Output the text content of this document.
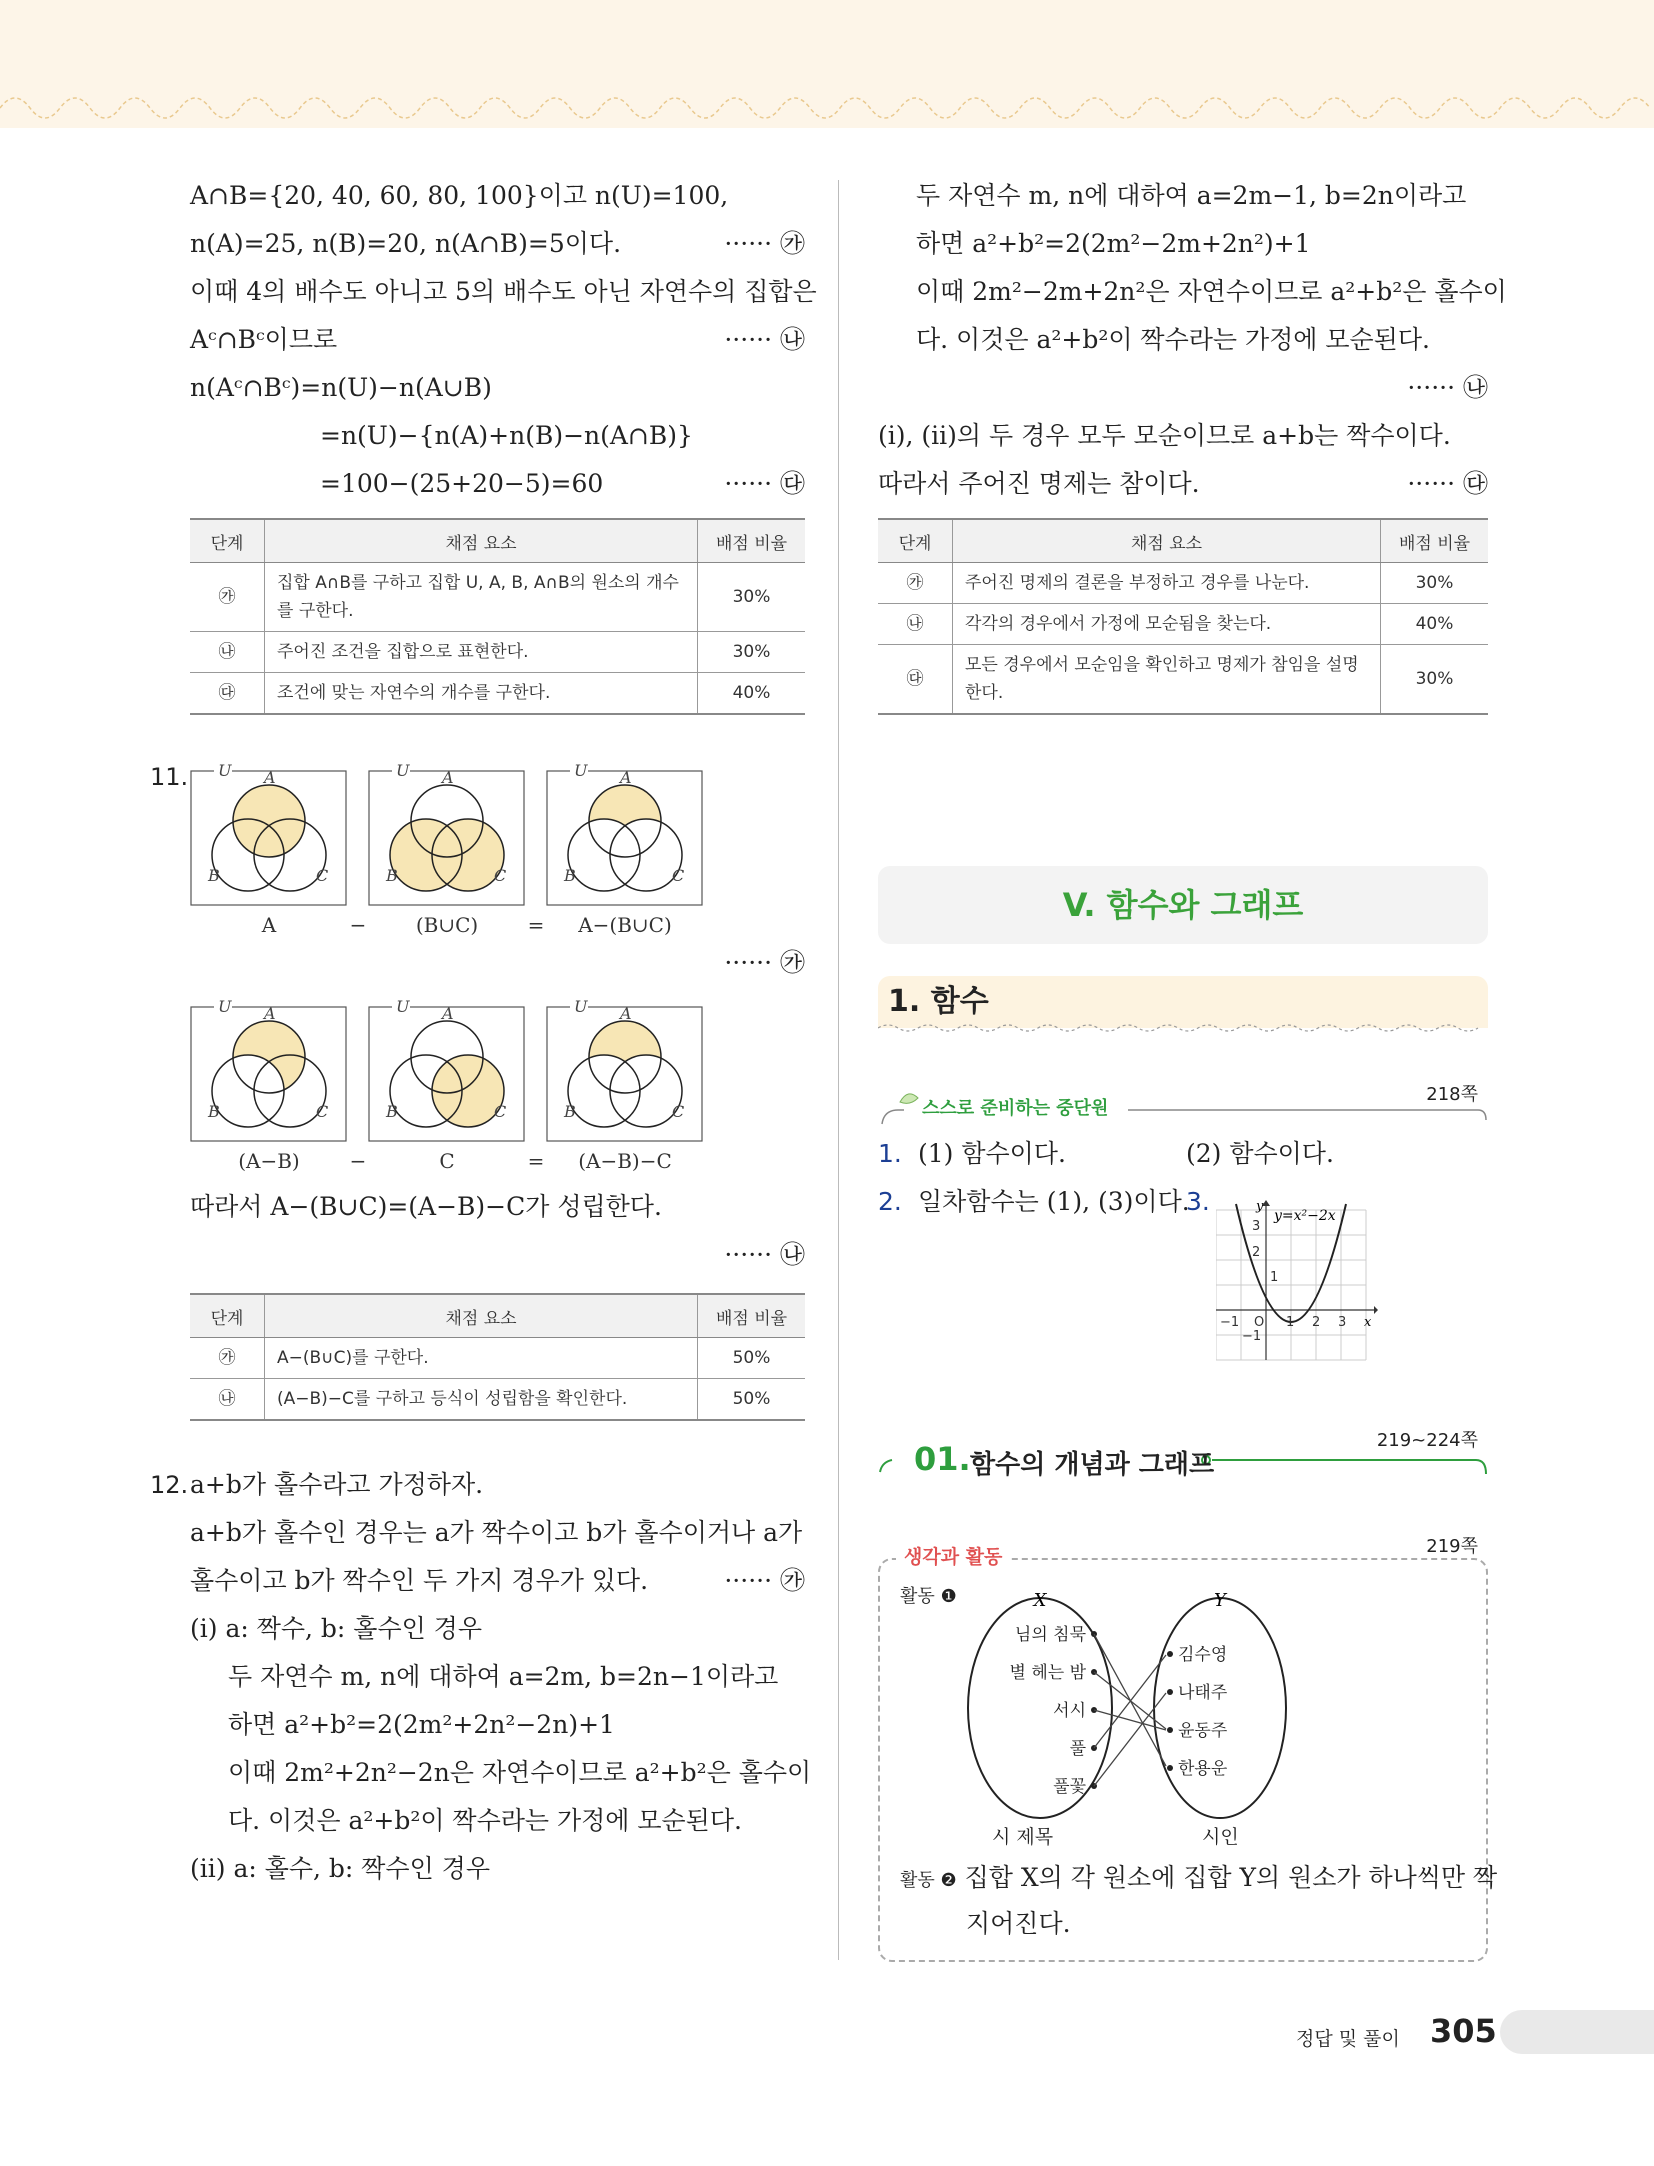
A∩B={20, 40, 60, 80, 100}이고 n(U)=100,
n(A)=25, n(B)=20, n(A∩B)=5이다.	······ ㉮
이때 4의 배수도 아니고 5의 배수도 아닌 자연수의 집합은
Aᶜ∩Bᶜ이므로	······ ㉯
n(Aᶜ∩Bᶜ)=n(U)−n(A∪B)
=n(U)−{n(A)+n(B)−n(A∩B)}
=100−(25+20−5)=60	······ ㉰
단계	채점 요소	배점 비율
㉮	집합 A∩B를 구하고 집합 U, A, B, A∩B의 원소의 개수를 구한다.	30%
㉯	주어진 조건을 집합으로 표현한다.	30%
㉰	조건에 맞는 자연수의 개수를 구한다.	40%
11. U A
B	C
U A
B	C
U A
B	C
A	−	(B∪C)	=	A−(B∪C)
······ ㉮
U A
B	C
U A
B	C
U A
B	C
(A−B)	−	C	=	(A−B)−C
따라서 A−(B∪C)=(A−B)−C가 성립한다.
······ ㉯
단계	채점 요소	배점 비율
㉮	A−(B∪C)를 구한다.	50%
㉯	(A−B)−C를 구하고 등식이 성립함을 확인한다.	50%
12. a+b가 홀수라고 가정하자.
a+b가 홀수인 경우는 a가 짝수이고 b가 홀수이거나 a가
홀수이고 b가 짝수인 두 가지 경우가 있다.	······ ㉮
(i) a: 짝수, b: 홀수인 경우
두 자연수 m, n에 대하여 a=2m, b=2n−1이라고
하면 a²+b²=2(2m²+2n²−2n)+1
이때 2m²+2n²−2n은 자연수이므로 a²+b²은 홀수이
다. 이것은 a²+b²이 짝수라는 가정에 모순된다.
(ii) a: 홀수, b: 짝수인 경우
두 자연수 m, n에 대하여 a=2m−1, b=2n이라고
하면 a²+b²=2(2m²−2m+2n²)+1
이때 2m²−2m+2n²은 자연수이므로 a²+b²은 홀수이
다. 이것은 a²+b²이 짝수라는 가정에 모순된다.
······ ㉯
(i), (ii)의 두 경우 모두 모순이므로 a+b는 짝수이다.
따라서 주어진 명제는 참이다.	······ ㉰
단계	채점 요소	배점 비율
㉮	주어진 명제의 결론을 부정하고 경우를 나눈다.	30%
㉯	각각의 경우에서 가정에 모순됨을 찾는다.	40%
㉰	모든 경우에서 모순임을 확인하고 명제가 참임을 설명한다.	30%
V. 함수와 그래프
1. 함수
스스로 준비하는 중단원
218쪽
1. (1) 함수이다.	(2) 함수이다.
2. 일차함수는 (1), (3)이다.3.	y=x²−2x
y
x
−1 O 1 2 3
3
2
1
−1
01. 함수의 개념과 그래프
219~224쪽
생각과 활동	219쪽
활동 ❶	X	Y
님의 침묵
별 헤는 밤
서시
풀
풀꽃
김수영
나태주
윤동주
한용운
시 제목	시인
활동 ❷ 집합 X의 각 원소에 집합 Y의 원소가 하나씩만 짝
지어진다.
정답 및 풀이 305
